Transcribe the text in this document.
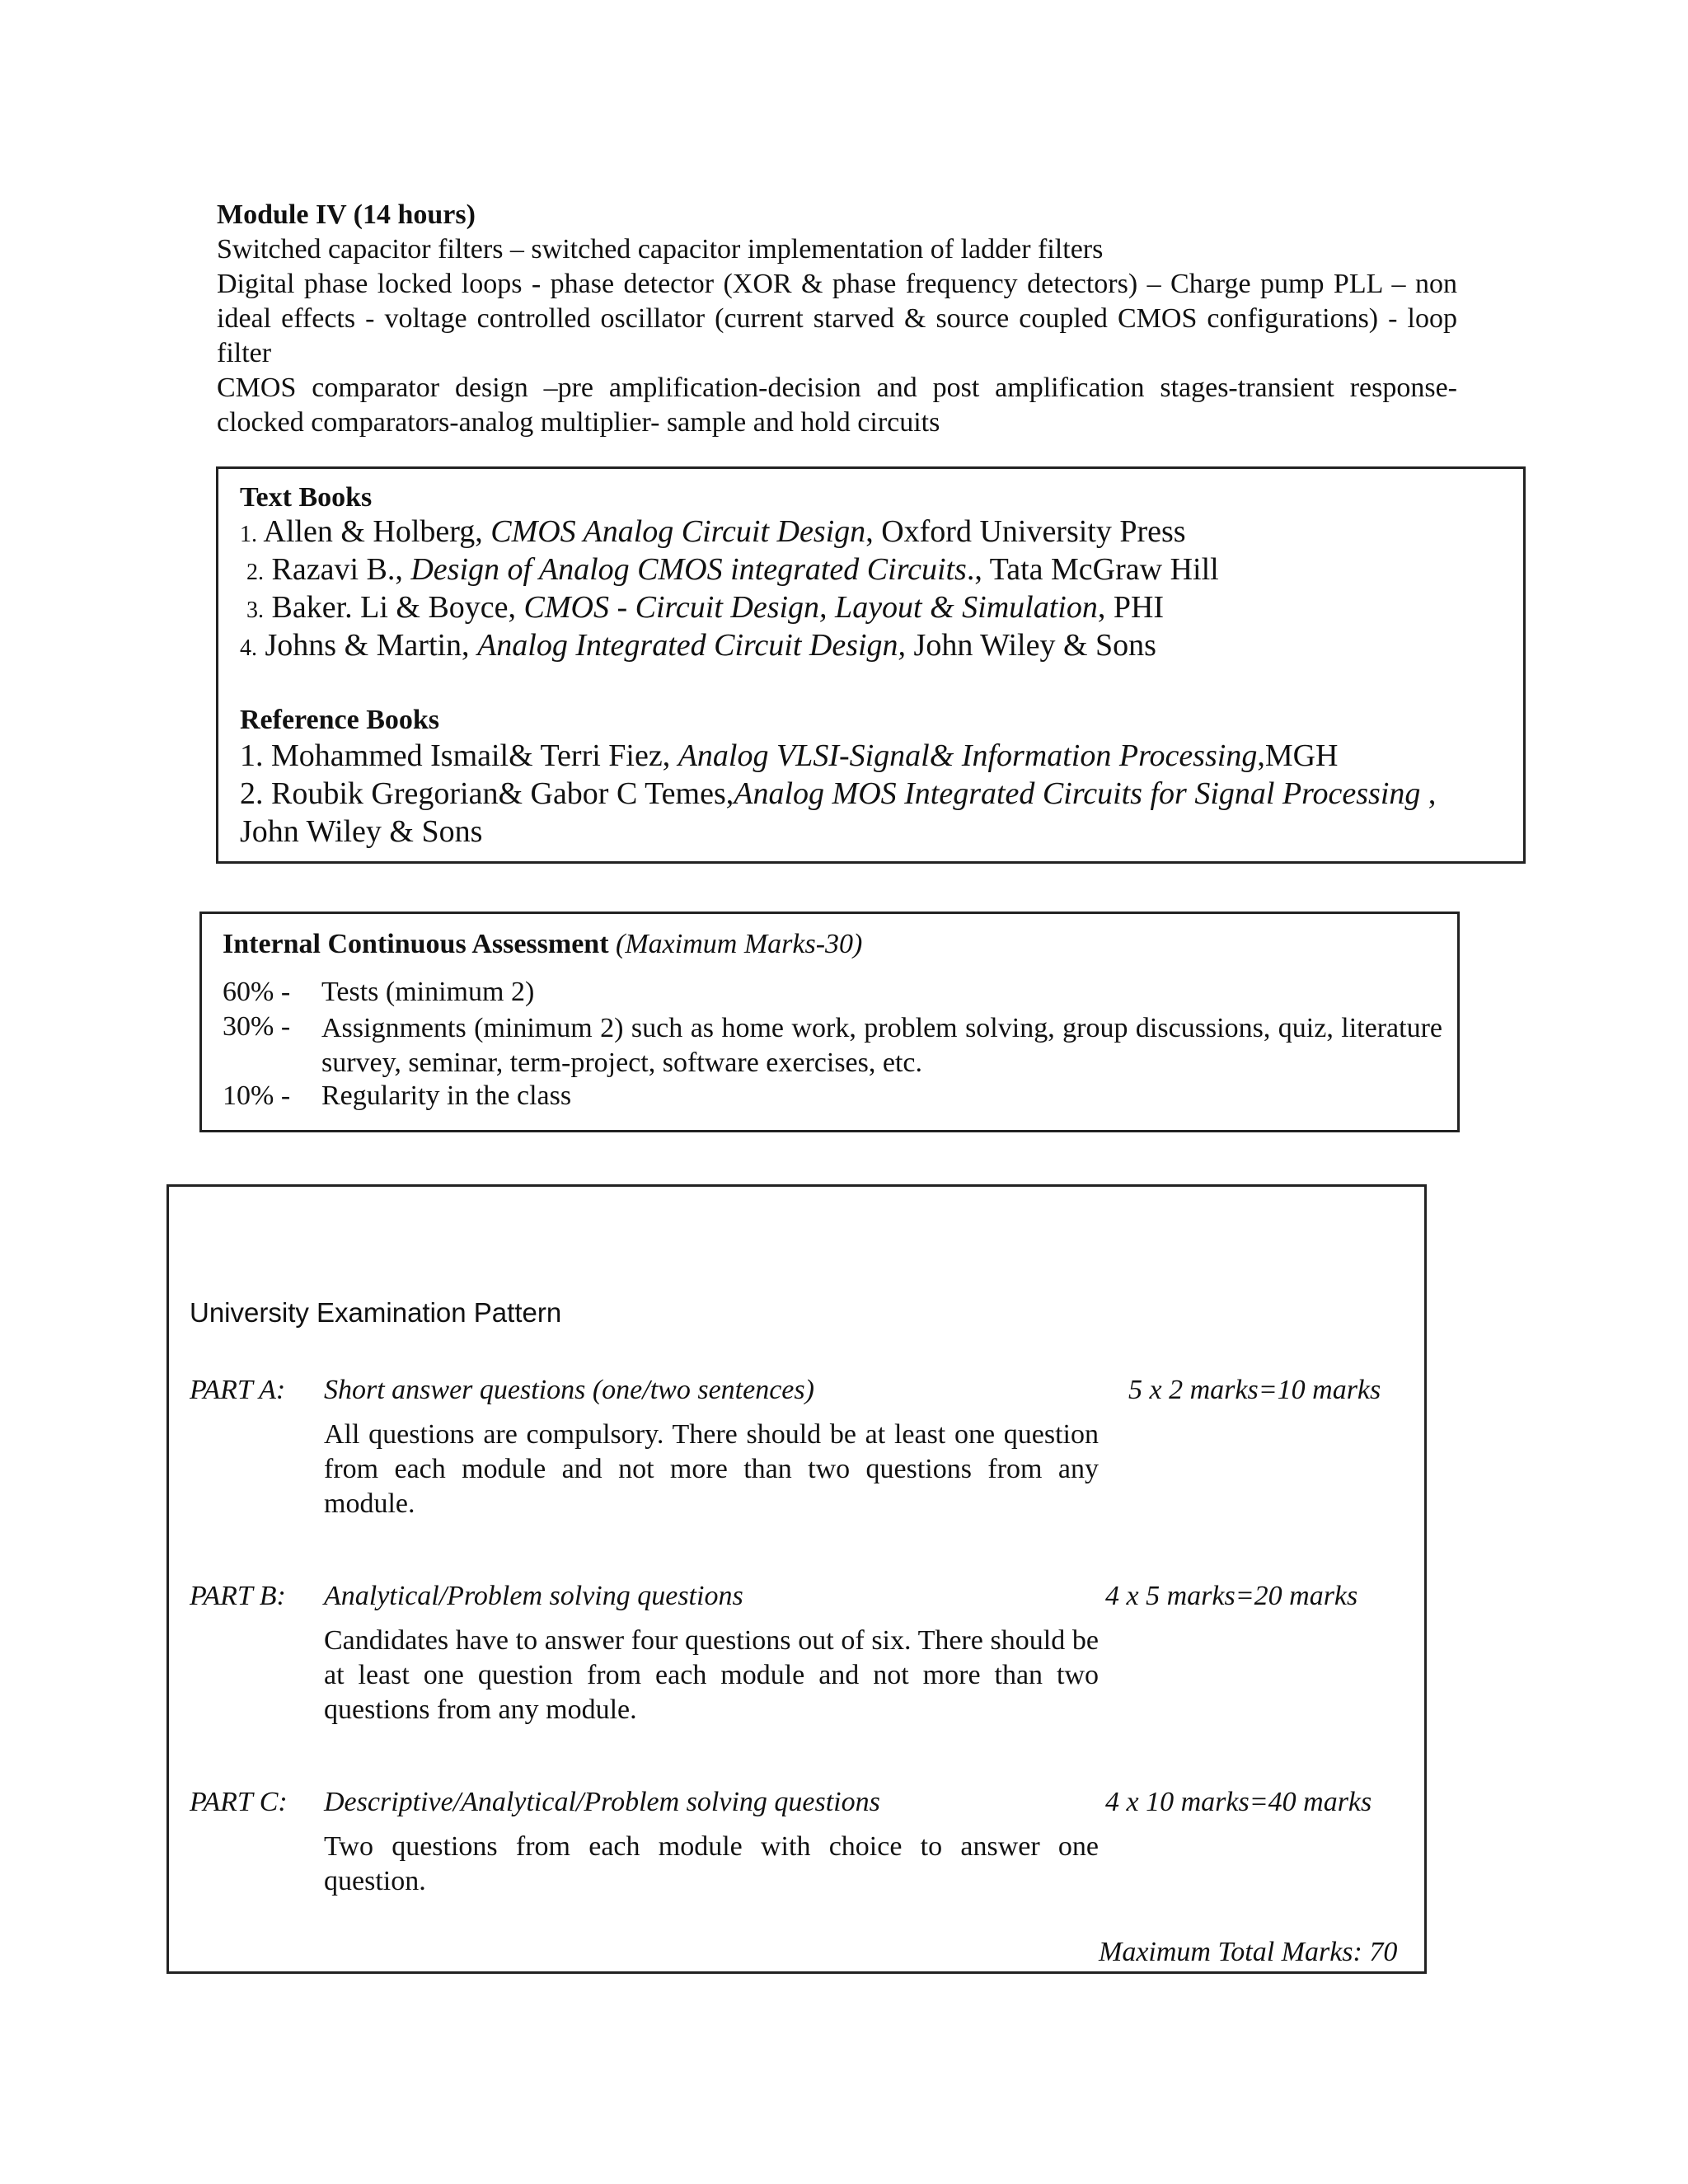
Module IV (14 hours)

Switched capacitor filters – switched capacitor implementation of ladder filters

Digital phase locked loops - phase detector (XOR & phase frequency detectors) – Charge pump PLL – non ideal effects - voltage controlled oscillator (current starved & source coupled CMOS configurations) - loop filter

CMOS comparator design –pre amplification-decision and post amplification stages-transient response-clocked comparators-analog multiplier- sample and hold circuits

Text Books
1. Allen & Holberg, CMOS Analog Circuit Design, Oxford University Press
2. Razavi B., Design of Analog CMOS integrated Circuits., Tata McGraw Hill
3. Baker. Li & Boyce, CMOS - Circuit Design, Layout & Simulation, PHI
4. Johns & Martin, Analog Integrated Circuit Design, John Wiley & Sons
Reference Books
1. Mohammed Ismail& Terri Fiez, Analog VLSI-Signal& Information Processing,MGH
2. Roubik Gregorian& Gabor C Temes,Analog MOS Integrated Circuits for Signal Processing ,
John Wiley & Sons
Internal Continuous Assessment (Maximum Marks-30)
60% - Tests (minimum 2)
30% - Assignments (minimum 2) such as home work, problem solving, group discussions, quiz, literature survey, seminar, term-project, software exercises, etc.
10% - Regularity in the class
University Examination Pattern
PART A: Short answer questions (one/two sentences)	5 x 2 marks=10 marks

All questions are compulsory. There should be at least one question from each module and not more than two questions from any module.

PART B: Analytical/Problem solving questions	4 x 5 marks=20 marks

Candidates have to answer four questions out of six. There should be at least one question from each module and not more than two questions from any module.

PART C: Descriptive/Analytical/Problem solving questions	4 x 10 marks=40 marks

Two questions from each module with choice to answer one question.

Maximum Total Marks: 70
